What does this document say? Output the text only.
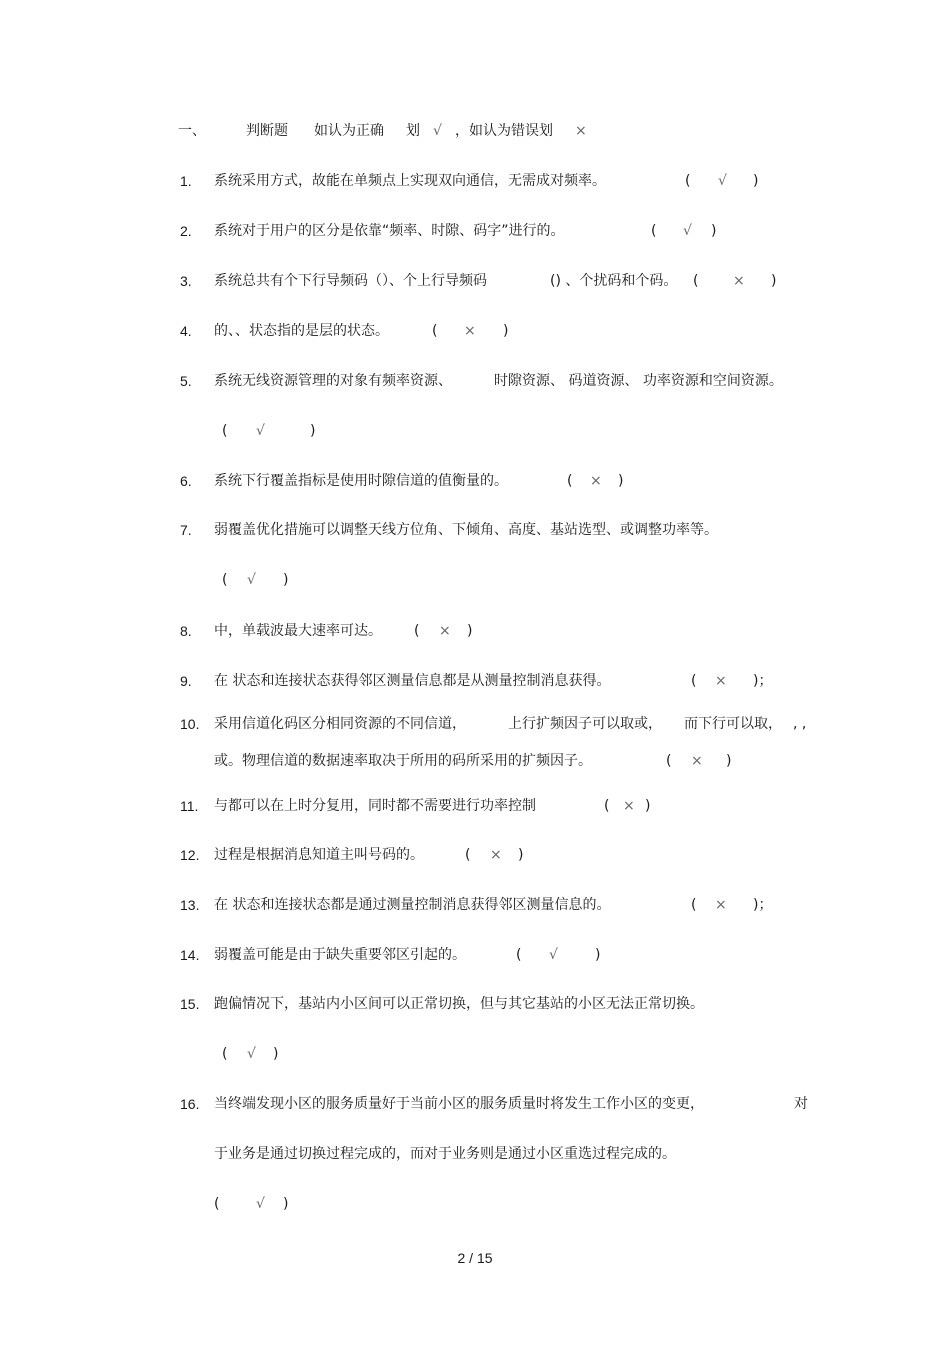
一、	判断题 如认为正确 划 √ ，如认为错误划 ×
1. 系统采用方式，故能在单频点上实现双向通信，无需成对频率。	( √ )
2. 系统对于用户的区分是依靠“频率、时隙、码字”进行的。	( √ )
3. 系统总共有个下行导频码（）、个上行导频码	() 、个扰码和个码。 ( × )
4. 的、、状态指的是层的状态。	( × )
5. 系统无线资源管理的对象有频率资源、	时隙资源、 码道资源、 功率资源和空间资源。
( √	)
6. 系统下行覆盖指标是使用时隙信道的值衡量的。	( × )
7. 弱覆盖优化措施可以调整天线方位角、下倾角、高度、基站选型、或调整功率等。
( √ )
8. 中，单载波最大速率可达。 ( × )
9. 在 状态和连接状态获得邻区测量信息都是从测量控制消息获得。	( × )；
10. 采用信道化码区分相同资源的不同信道，	上行扩频因子可以取或， 而下行可以取， , ,
或。物理信道的数据速率取决于所用的码所采用的扩频因子。	( × )
11. 与都可以在上时分复用，同时都不需要进行功率控制	( × )
12. 过程是根据消息知道主叫号码的。	( × )
13. 在 状态和连接状态都是通过测量控制消息获得邻区测量信息的。	( × )；
14. 弱覆盖可能是由于缺失重要邻区引起的。	( √	)
15. 跑偏情况下，基站内小区间可以正常切换，但与其它基站的小区无法正常切换。
( √ )
16. 当终端发现小区的服务质量好于当前小区的服务质量时将发生工作小区的变更，	对
于业务是通过切换过程完成的，而对于业务则是通过小区重选过程完成的。
(	√ )
2 / 15
